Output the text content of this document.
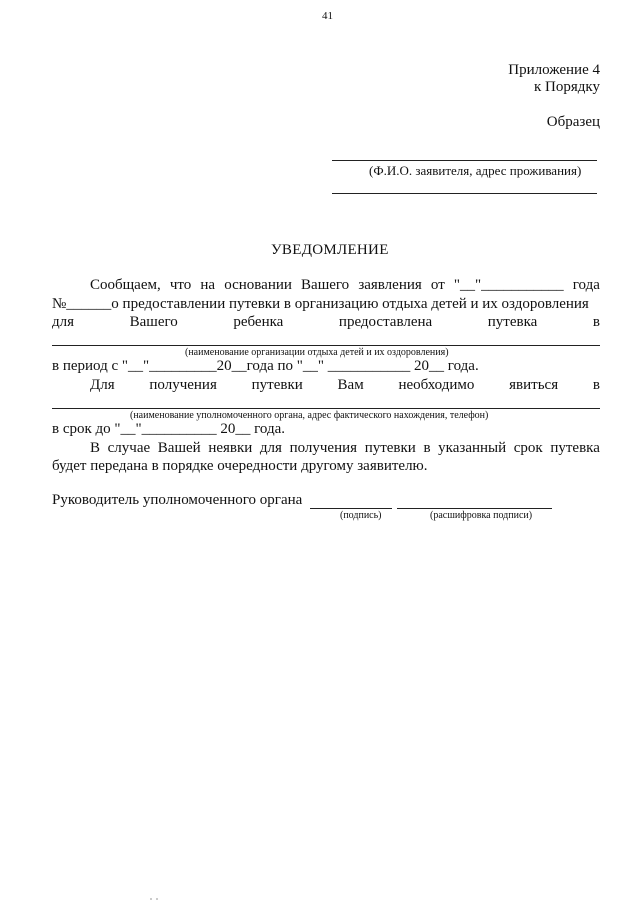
41
Приложение 4
к Порядку
Образец
(Ф.И.О. заявителя, адрес проживания)
УВЕДОМЛЕНИЕ
Сообщаем, что на основании Вашего заявления от "__"___________ года
№______о предоставлении путевки в организацию отдыха детей и их оздоровления
для	Вашего	ребенка	предоставлена	путевка	в
(наименование организации отдыха детей и их оздоровления)
в период с "__"_________20__года по "__" ___________ 20__ года.
Для получения путевки Вам необходимо явиться в
(наименование уполномоченного органа, адрес фактического нахождения, телефон)
в срок до "__"__________ 20__ года.
В случае Вашей неявки для получения путевки в указанный срок путевка
будет передана в порядке очередности другому заявителю.
Руководитель уполномоченного органа
(подпись)	(расшифровка подписи)
